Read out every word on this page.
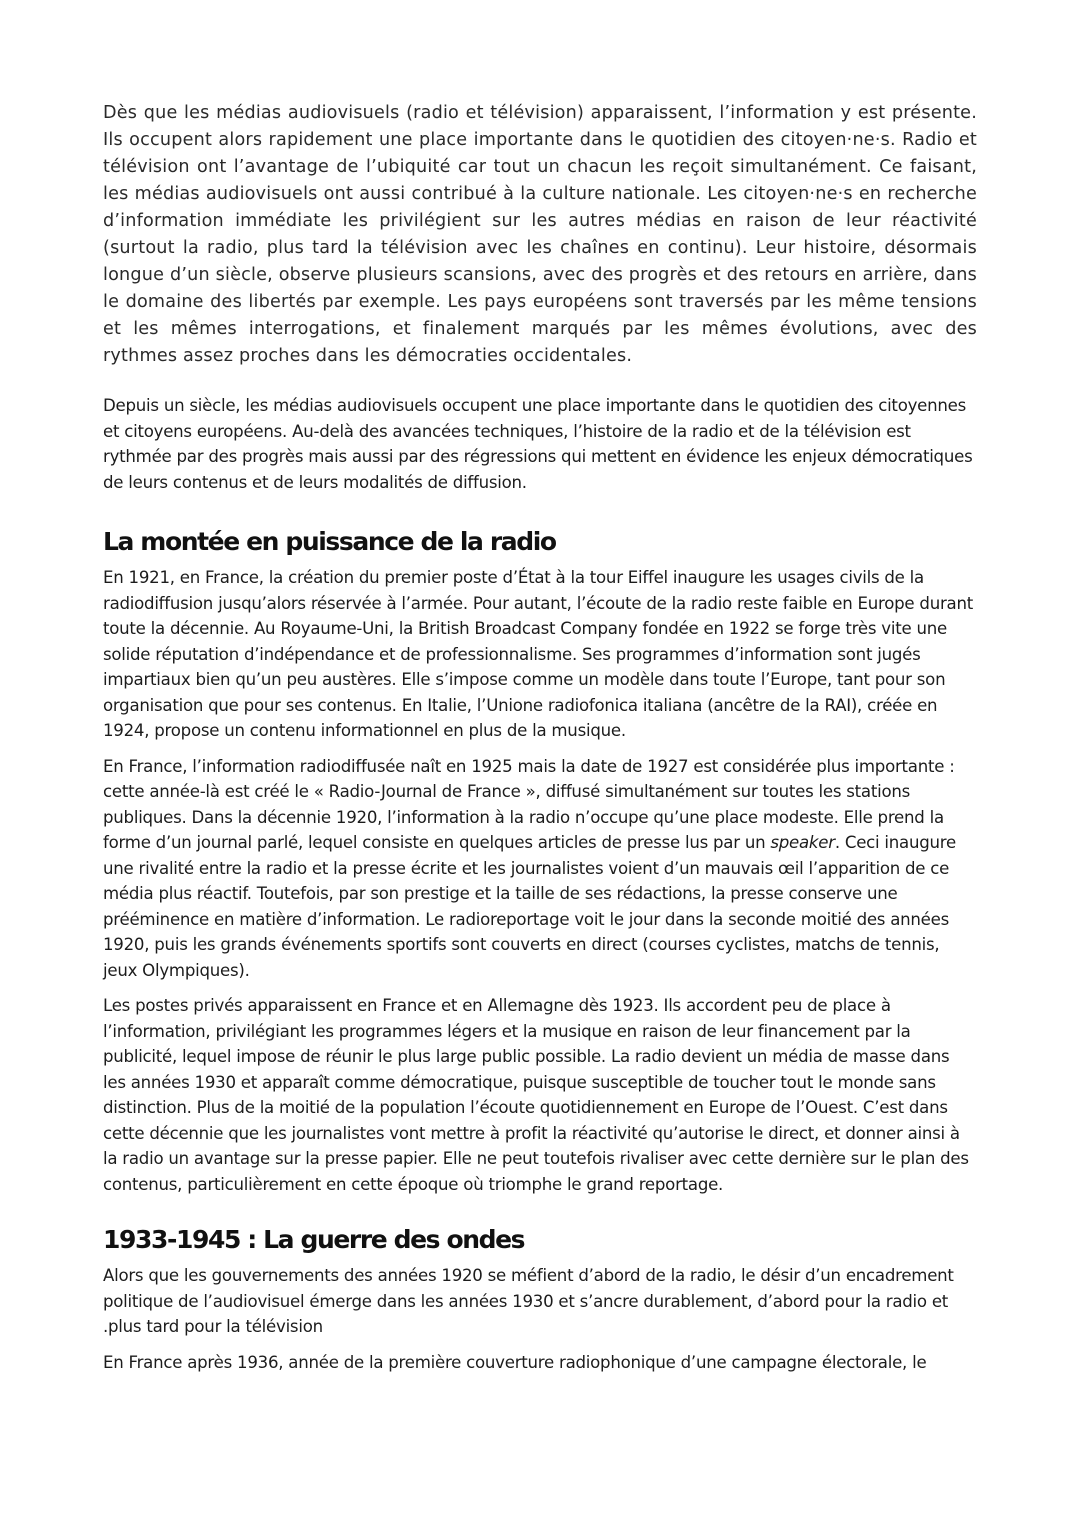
Dès que les médias audiovisuels (radio et télévision) apparaissent, l’information y est présente. Ils occupent alors rapidement une place importante dans le quotidien des citoyen·ne·s. Radio et télévision ont l’avantage de l’ubiquité car tout un chacun les reçoit simultanément. Ce faisant, les médias audiovisuels ont aussi contribué à la culture nationale. Les citoyen·ne·s en recherche d’information immédiate les privilégient sur les autres médias en raison de leur réactivité (surtout la radio, plus tard la télévision avec les chaînes en continu). Leur histoire, désormais longue d’un siècle, observe plusieurs scansions, avec des progrès et des retours en arrière, dans le domaine des libertés par exemple. Les pays européens sont traversés par les même tensions et les mêmes interrogations, et finalement marqués par les mêmes évolutions, avec des rythmes assez proches dans les démocraties occidentales.

Depuis un siècle, les médias audiovisuels occupent une place importante dans le quotidien des citoyennes et citoyens européens. Au-delà des avancées techniques, l’histoire de la radio et de la télévision est rythmée par des progrès mais aussi par des régressions qui mettent en évidence les enjeux démocratiques de leurs contenus et de leurs modalités de diffusion.

La montée en puissance de la radio

En 1921, en France, la création du premier poste d’État à la tour Eiffel inaugure les usages civils de la radiodiffusion jusqu’alors réservée à l’armée. Pour autant, l’écoute de la radio reste faible en Europe durant toute la décennie. Au Royaume-Uni, la British Broadcast Company fondée en 1922 se forge très vite une solide réputation d’indépendance et de professionnalisme. Ses programmes d’information sont jugés impartiaux bien qu’un peu austères. Elle s’impose comme un modèle dans toute l’Europe, tant pour son organisation que pour ses contenus. En Italie, l’Unione radiofonica italiana (ancêtre de la RAI), créée en 1924, propose un contenu informationnel en plus de la musique.

En France, l’information radiodiffusée naît en 1925 mais la date de 1927 est considérée plus importante : cette année-là est créé le « Radio-Journal de France », diffusé simultanément sur toutes les stations publiques. Dans la décennie 1920, l’information à la radio n’occupe qu’une place modeste. Elle prend la forme d’un journal parlé, lequel consiste en quelques articles de presse lus par un speaker. Ceci inaugure une rivalité entre la radio et la presse écrite et les journalistes voient d’un mauvais œil l’apparition de ce média plus réactif. Toutefois, par son prestige et la taille de ses rédactions, la presse conserve une prééminence en matière d’information. Le radioreportage voit le jour dans la seconde moitié des années 1920, puis les grands événements sportifs sont couverts en direct (courses cyclistes, matchs de tennis, jeux Olympiques).

Les postes privés apparaissent en France et en Allemagne dès 1923. Ils accordent peu de place à l’information, privilégiant les programmes légers et la musique en raison de leur financement par la publicité, lequel impose de réunir le plus large public possible. La radio devient un média de masse dans les années 1930 et apparaît comme démocratique, puisque susceptible de toucher tout le monde sans distinction. Plus de la moitié de la population l’écoute quotidiennement en Europe de l’Ouest. C’est dans cette décennie que les journalistes vont mettre à profit la réactivité qu’autorise le direct, et donner ainsi à la radio un avantage sur la presse papier. Elle ne peut toutefois rivaliser avec cette dernière sur le plan des contenus, particulièrement en cette époque où triomphe le grand reportage.

1933-1945 : La guerre des ondes

Alors que les gouvernements des années 1920 se méfient d’abord de la radio, le désir d’un encadrement politique de l’audiovisuel émerge dans les années 1930 et s’ancre durablement, d’abord pour la radio et .plus tard pour la télévision

En France après 1936, année de la première couverture radiophonique d’une campagne électorale, le
